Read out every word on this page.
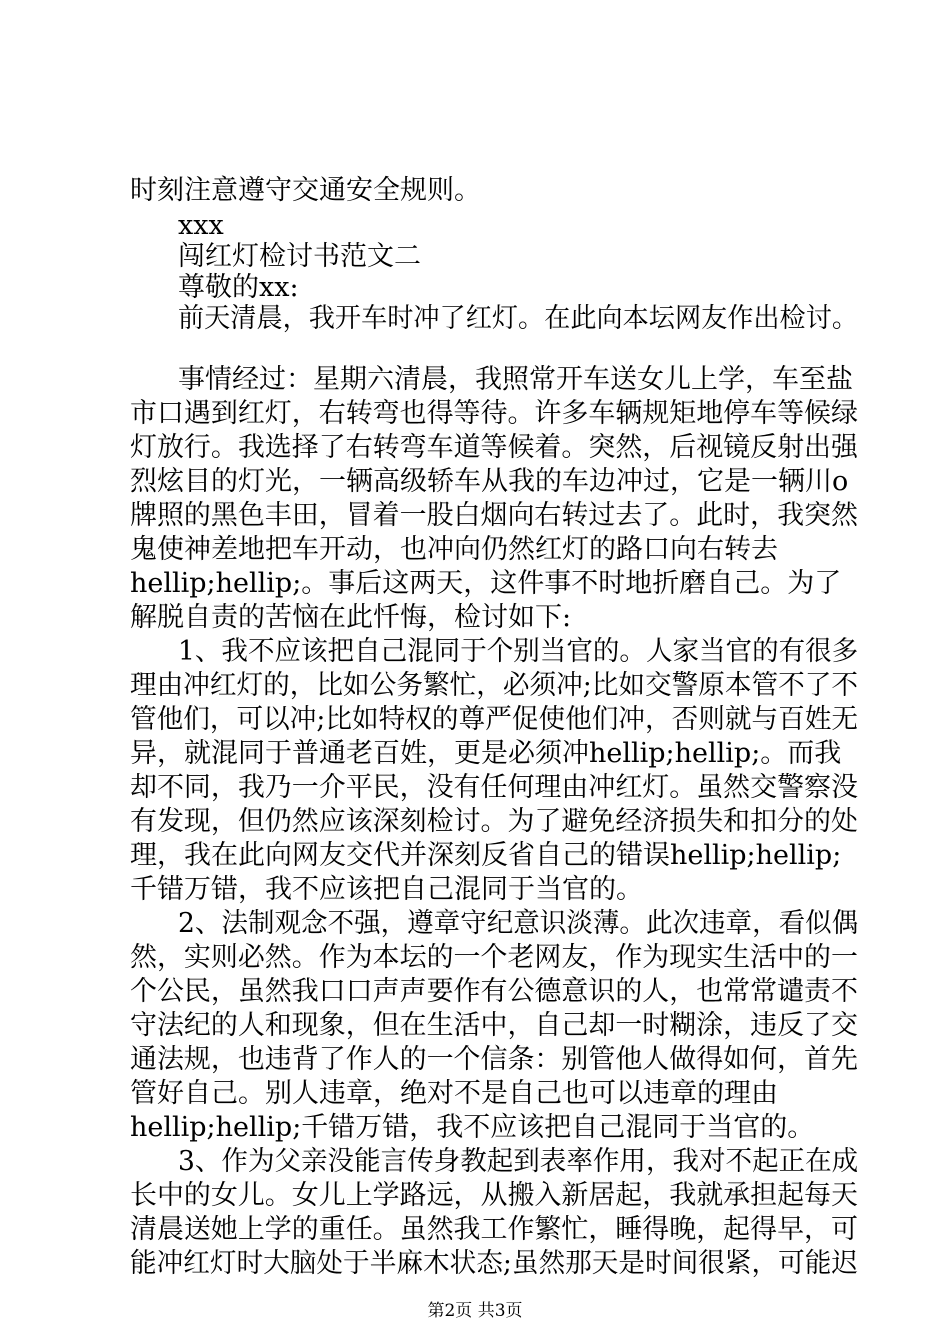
时刻注意遵守交通安全规则。
xxx
闯红灯检讨书范文二
尊敬的xx:
前天清晨，我开车时冲了红灯。在此向本坛网友作出检讨。
事情经过：星期六清晨，我照常开车送女儿上学，车至盐
市口遇到红灯，右转弯也得等待。许多车辆规矩地停车等候绿
灯放行。我选择了右转弯车道等候着。突然，后视镜反射出强
烈炫目的灯光，一辆高级轿车从我的车边冲过，它是一辆川o
牌照的黑色丰田，冒着一股白烟向右转过去了。此时，我突然
鬼使神差地把车开动，也冲向仍然红灯的路口向右转去
hellip;hellip;。事后这两天，这件事不时地折磨自己。为了
解脱自责的苦恼在此忏悔，检讨如下:
1、我不应该把自己混同于个别当官的。人家当官的有很多
理由冲红灯的，比如公务繁忙，必须冲;比如交警原本管不了不
管他们，可以冲;比如特权的尊严促使他们冲，否则就与百姓无
异，就混同于普通老百姓，更是必须冲hellip;hellip;。而我
却不同，我乃一介平民，没有任何理由冲红灯。虽然交警察没
有发现，但仍然应该深刻检讨。为了避免经济损失和扣分的处
理，我在此向网友交代并深刻反省自己的错误hellip;hellip;
千错万错，我不应该把自己混同于当官的。
2、法制观念不强，遵章守纪意识淡薄。此次违章，看似偶
然，实则必然。作为本坛的一个老网友，作为现实生活中的一
个公民，虽然我口口声声要作有公德意识的人，也常常谴责不
守法纪的人和现象，但在生活中，自己却一时糊涂，违反了交
通法规，也违背了作人的一个信条：别管他人做得如何，首先
管好自己。别人违章，绝对不是自己也可以违章的理由
hellip;hellip;千错万错，我不应该把自己混同于当官的。
3、作为父亲没能言传身教起到表率作用，我对不起正在成
长中的女儿。女儿上学路远，从搬入新居起，我就承担起每天
清晨送她上学的重任。虽然我工作繁忙，睡得晚，起得早，可
能冲红灯时大脑处于半麻木状态;虽然那天是时间很紧，可能迟
第2页 共3页
